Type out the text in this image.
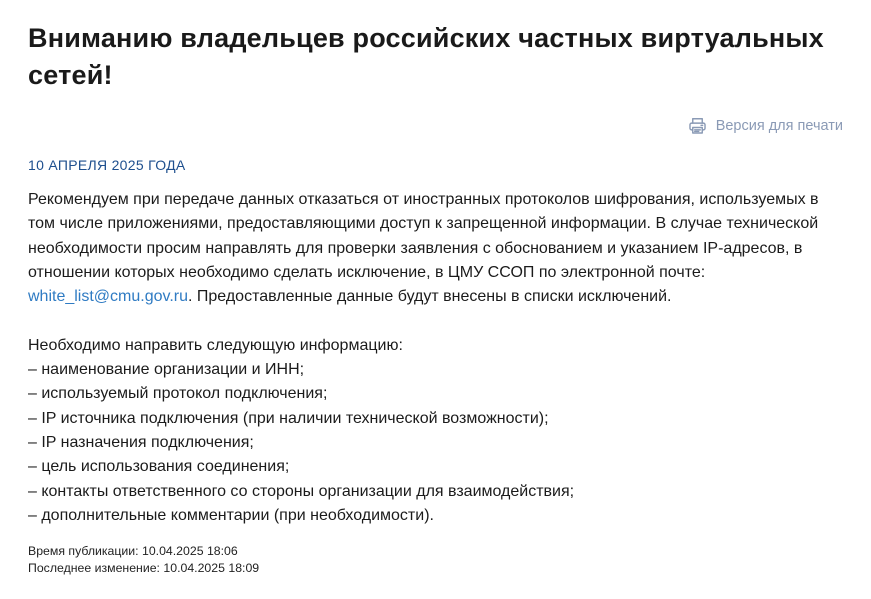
Вниманию владельцев российских частных виртуальных сетей!
Версия для печати
10 АПРЕЛЯ 2025 ГОДА

Рекомендуем при передаче данных отказаться от иностранных протоколов шифрования, используемых в том числе приложениями, предоставляющими доступ к запрещенной информации. В случае технической необходимости просим направлять для проверки заявления с обоснованием и указанием IP-адресов, в отношении которых необходимо сделать исключение, в ЦМУ ССОП по электронной почте: white_list@cmu.gov.ru. Предоставленные данные будут внесены в списки исключений.

Необходимо направить следующую информацию:
– наименование организации и ИНН;
– используемый протокол подключения;
– IP источника подключения (при наличии технической возможности);
– IP назначения подключения;
– цель использования соединения;
– контакты ответственного со стороны организации для взаимодействия;
– дополнительные комментарии (при необходимости).

Время публикации: 10.04.2025 18:06
Последнее изменение: 10.04.2025 18:09
